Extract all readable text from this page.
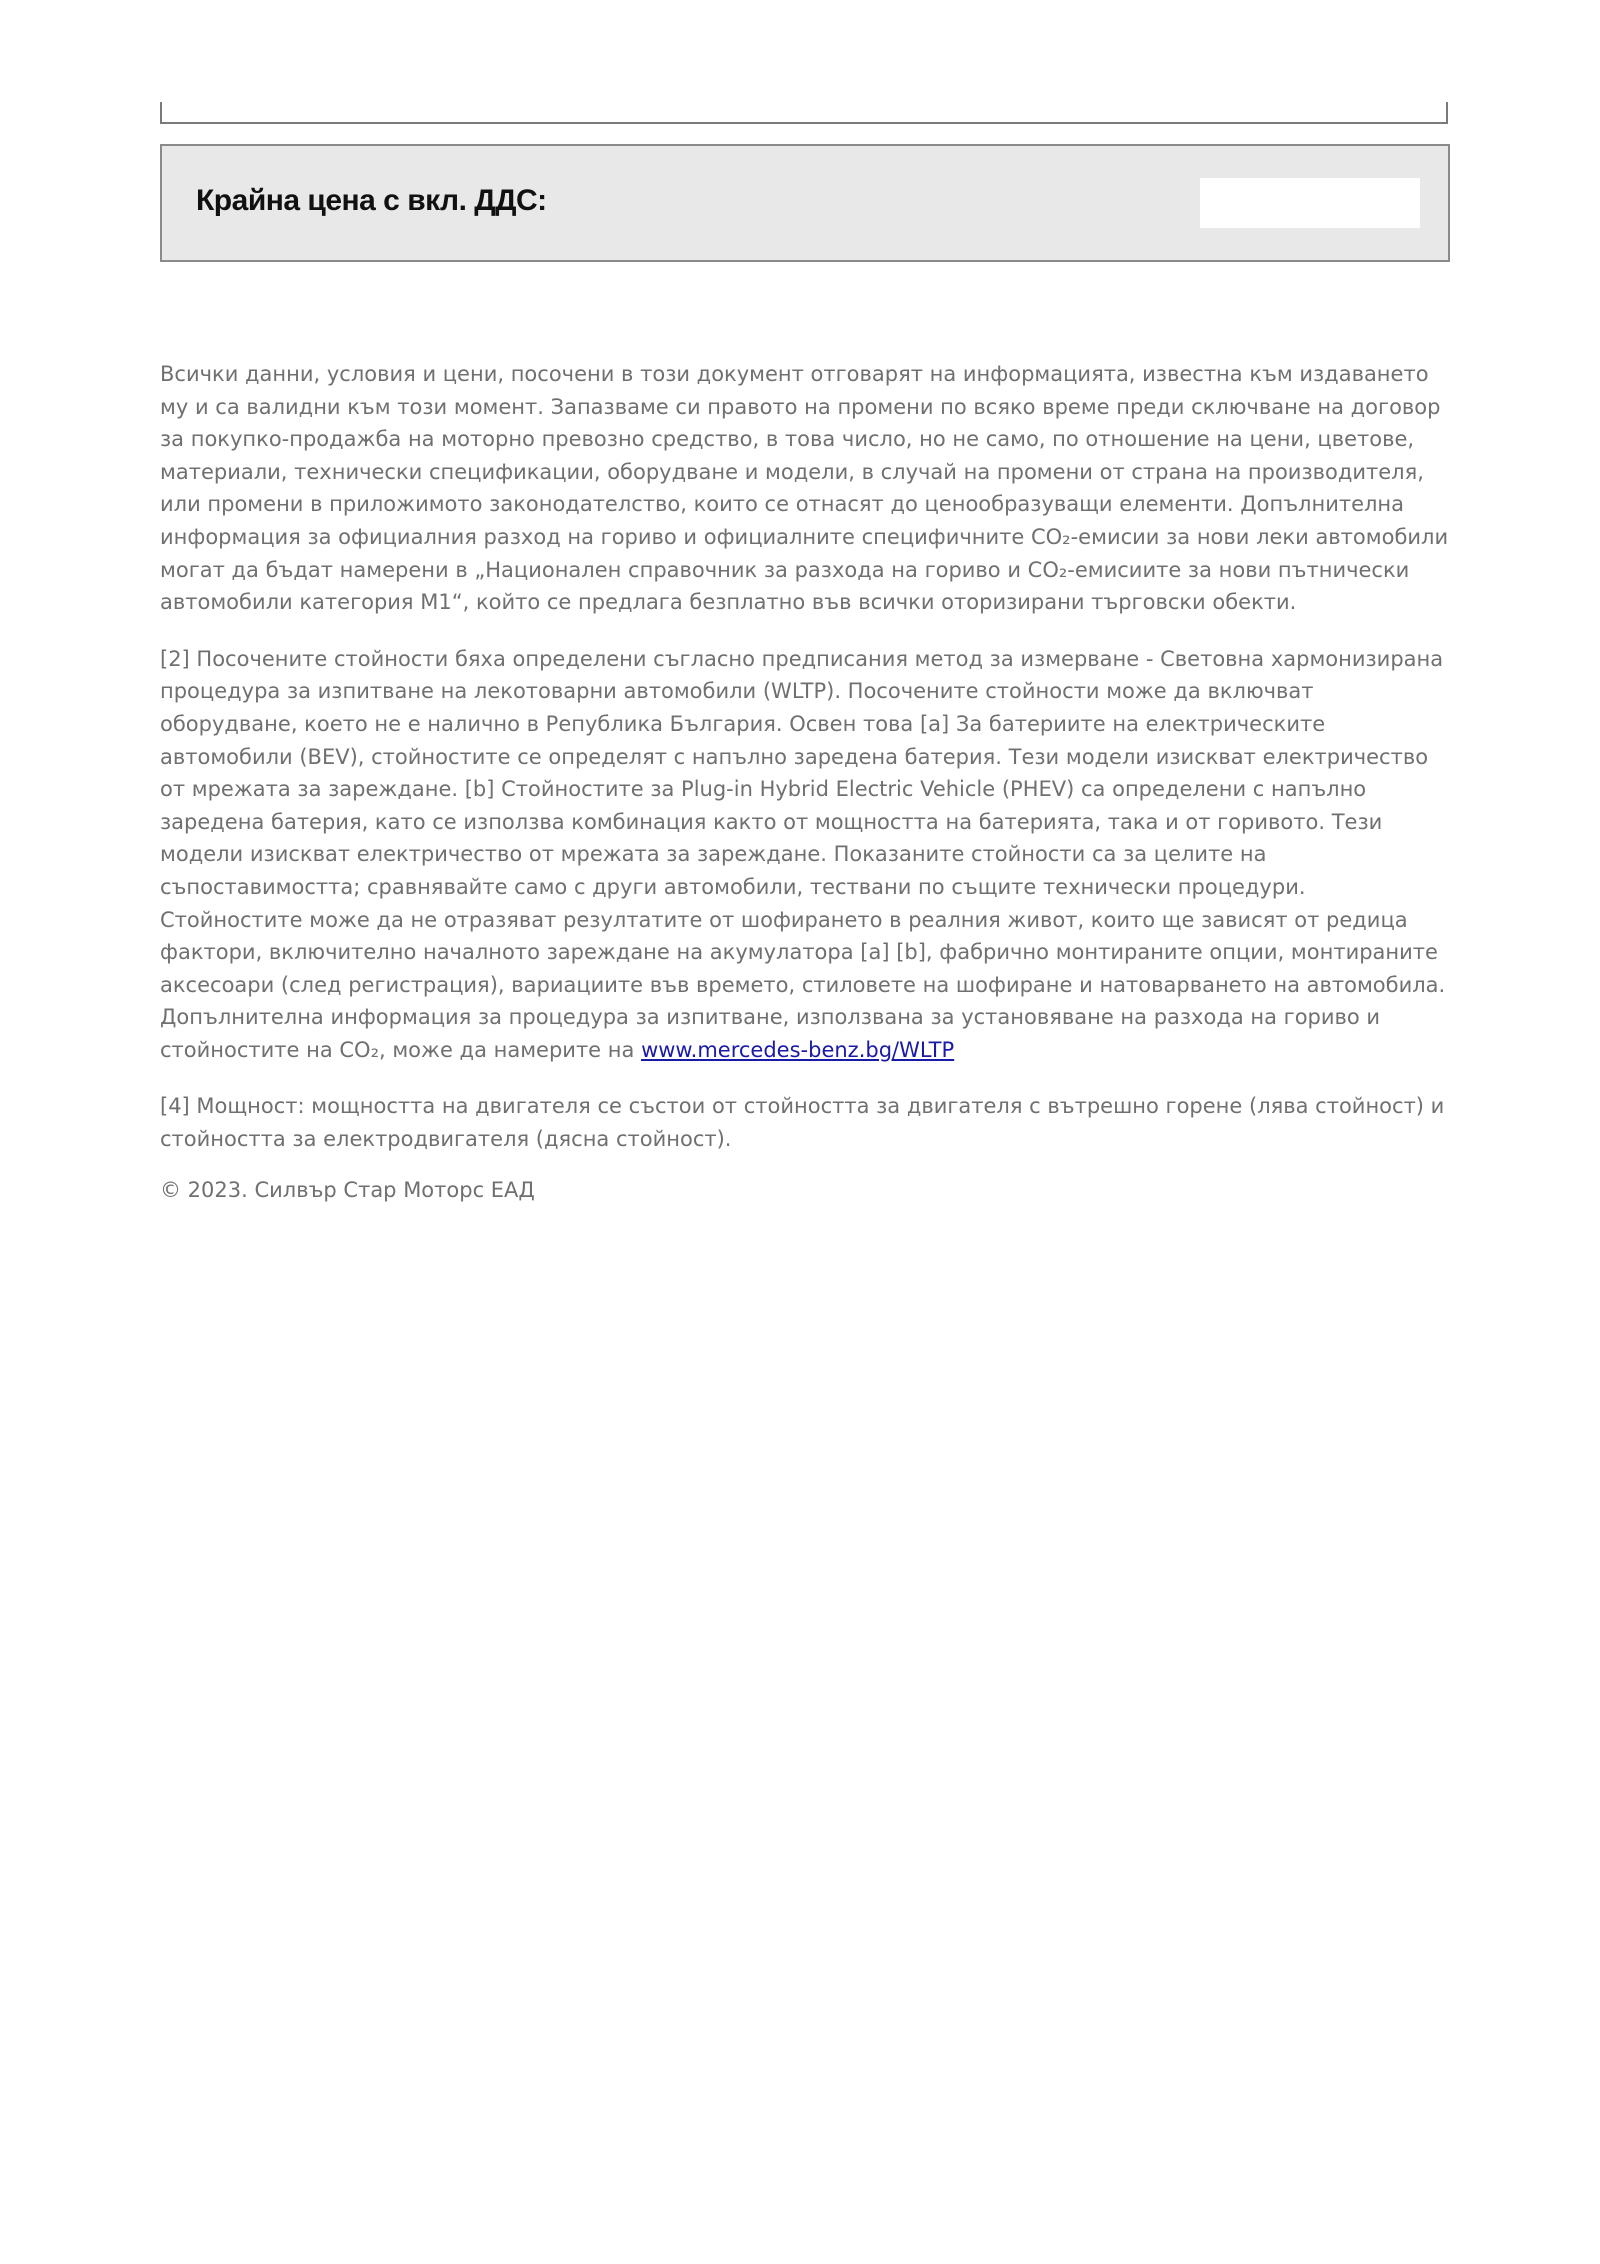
Крайна цена с вкл. ДДС:

Всички данни, условия и цени, посочени в този документ отговарят на информацията, известна към издаването му и са валидни към този момент. Запазваме си правото на промени по всяко време преди сключване на договор за покупко-продажба на моторно превозно средство, в това число, но не само, по отношение на цени, цветове, материали, технически спецификации, оборудване и модели, в случай на промени от страна на производителя, или промени в приложимото законодателство, които се отнасят до ценообразуващи елементи. Допълнителна информация за официалния разход на гориво и официалните специфичните CO₂-емисии за нови леки автомобили могат да бъдат намерени в „Национален справочник за разхода на гориво и CO₂-емисиите за нови пътнически автомобили категория М1“, който се предлага безплатно във всички оторизирани търговски обекти.

[2] Посочените стойности бяха определени съгласно предписания метод за измерване - Световна хармонизирана процедура за изпитване на лекотоварни автомобили (WLTP). Посочените стойности може да включват оборудване, което не е налично в Република България. Освен това [a] За батериите на електрическите автомобили (BEV), стойностите се определят с напълно заредена батерия. Тези модели изискват електричество от мрежата за зареждане. [b] Стойностите за Plug-in Hybrid Electric Vehicle (PHEV) са определени с напълно заредена батерия, като се използва комбинация както от мощността на батерията, така и от горивото. Тези модели изискват електричество от мрежата за зареждане. Показаните стойности са за целите на съпоставимостта; сравнявайте само с други автомобили, тествани по същите технически процедури. Стойностите може да не отразяват резултатите от шофирането в реалния живот, които ще зависят от редица фактори, включително началното зареждане на акумулатора [a] [b], фабрично монтираните опции, монтираните аксесоари (след регистрация), вариациите във времето, стиловете на шофиране и натоварването на автомобила. Допълнителна информация за процедура за изпитване, използвана за установяване на разхода на гориво и стойностите на CO₂, може да намерите на www.mercedes-benz.bg/WLTP

[4] Мощност: мощността на двигателя се състои от стойността за двигателя с вътрешно горене (лява стойност) и стойността за електродвигателя (дясна стойност).

© 2023. Силвър Стар Моторс ЕАД
